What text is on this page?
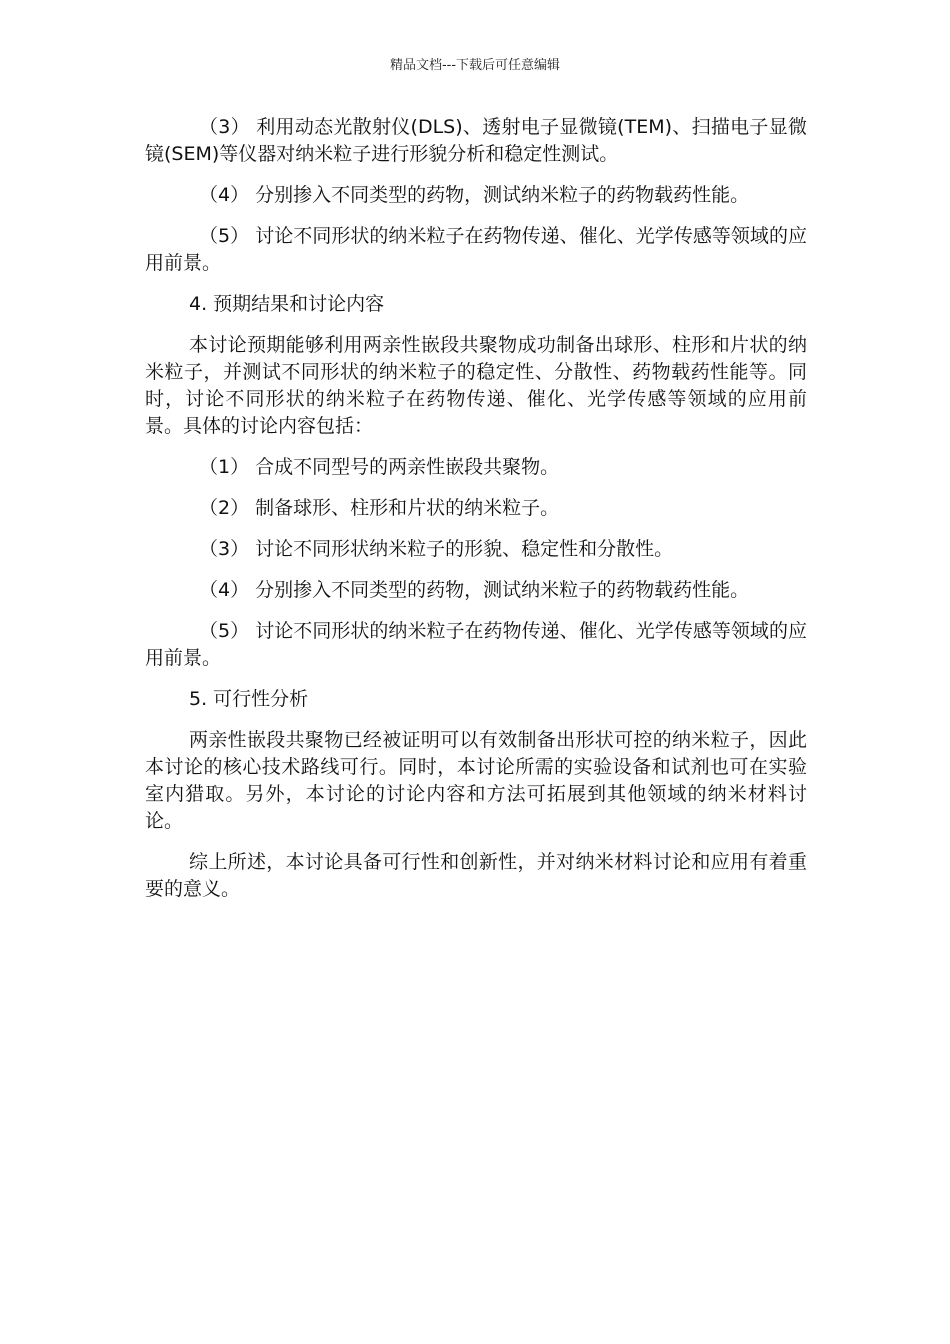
精品文档---下载后可任意编辑

（3） 利用动态光散射仪(DLS)、透射电子显微镜(TEM)、扫描电子显微镜(SEM)等仪器对纳米粒子进行形貌分析和稳定性测试。

（4） 分别掺入不同类型的药物，测试纳米粒子的药物载药性能。

（5） 讨论不同形状的纳米粒子在药物传递、催化、光学传感等领域的应用前景。

4. 预期结果和讨论内容

本讨论预期能够利用两亲性嵌段共聚物成功制备出球形、柱形和片状的纳米粒子，并测试不同形状的纳米粒子的稳定性、分散性、药物载药性能等。同时，讨论不同形状的纳米粒子在药物传递、催化、光学传感等领域的应用前景。具体的讨论内容包括：

（1） 合成不同型号的两亲性嵌段共聚物。

（2） 制备球形、柱形和片状的纳米粒子。

（3） 讨论不同形状纳米粒子的形貌、稳定性和分散性。

（4） 分别掺入不同类型的药物，测试纳米粒子的药物载药性能。

（5） 讨论不同形状的纳米粒子在药物传递、催化、光学传感等领域的应用前景。

5. 可行性分析

两亲性嵌段共聚物已经被证明可以有效制备出形状可控的纳米粒子，因此本讨论的核心技术路线可行。同时，本讨论所需的实验设备和试剂也可在实验室内猎取。另外，本讨论的讨论内容和方法可拓展到其他领域的纳米材料讨论。

综上所述，本讨论具备可行性和创新性，并对纳米材料讨论和应用有着重要的意义。
